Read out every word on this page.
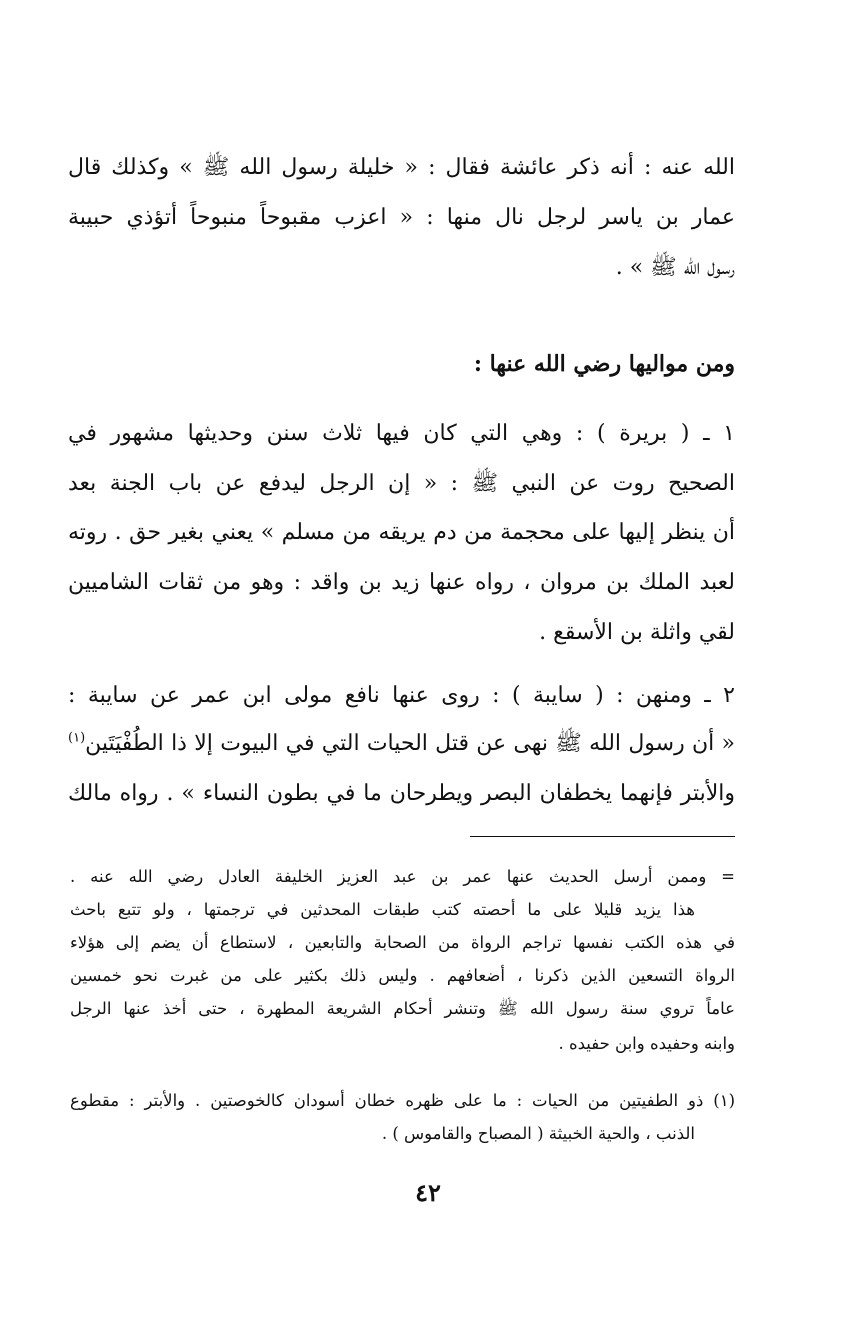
الله عنه : أنه ذكر عائشة فقال : « خليلة رسول الله ﷺ » وكذلك قال
عمار بن ياسر لرجل نال منها : « اعزب مقبوحاً منبوحاً أتؤذي حبيبة
رسول الله ﷺ » .
ومن مواليها رضي الله عنها :
١ ـ ( بريرة ) : وهي التي كان فيها ثلاث سنن وحديثها مشهور في
الصحيح روت عن النبي ﷺ : « إن الرجل ليدفع عن باب الجنة بعد
أن ينظر إليها على محجمة من دم يريقه من مسلم » يعني بغير حق . روته
لعبد الملك بن مروان ، رواه عنها زيد بن واقد : وهو من ثقات الشاميين
لقي واثلة بن الأسقع .
٢ ـ ومنهن : ( سايبة ) : روى عنها نافع مولى ابن عمر عن سايبة :
« أن رسول الله ﷺ نهى عن قتل الحيات التي في البيوت إلا ذا الطُفْيَتَين$^{(١)}$
والأبتر فإنهما يخطفان البصر ويطرحان ما في بطون النساء » . رواه مالك
= وممن أرسل الحديث عنها عمر بن عبد العزيز الخليفة العادل رضي الله عنه .
هذا يزيد قليلا على ما أحصته كتب طبقات المحدثين في ترجمتها ، ولو تتبع باحث
في هذه الكتب نفسها تراجم الرواة من الصحابة والتابعين ، لاستطاع أن يضم إلى هؤلاء
الرواة التسعين الذين ذكرنا ، أضعافهم . وليس ذلك بكثير على من غبرت نحو خمسين
عاماً تروي سنة رسول الله ﷺ وتنشر أحكام الشريعة المطهرة ، حتى أخذ عنها الرجل
وابنه وحفيده وابن حفيده .
(١) ذو الطفيتين من الحيات : ما على ظهره خطان أسودان كالخوصتين . والأبتر : مقطوع
الذنب ، والحية الخبيثة ( المصباح والقاموس ) .
٤٢
